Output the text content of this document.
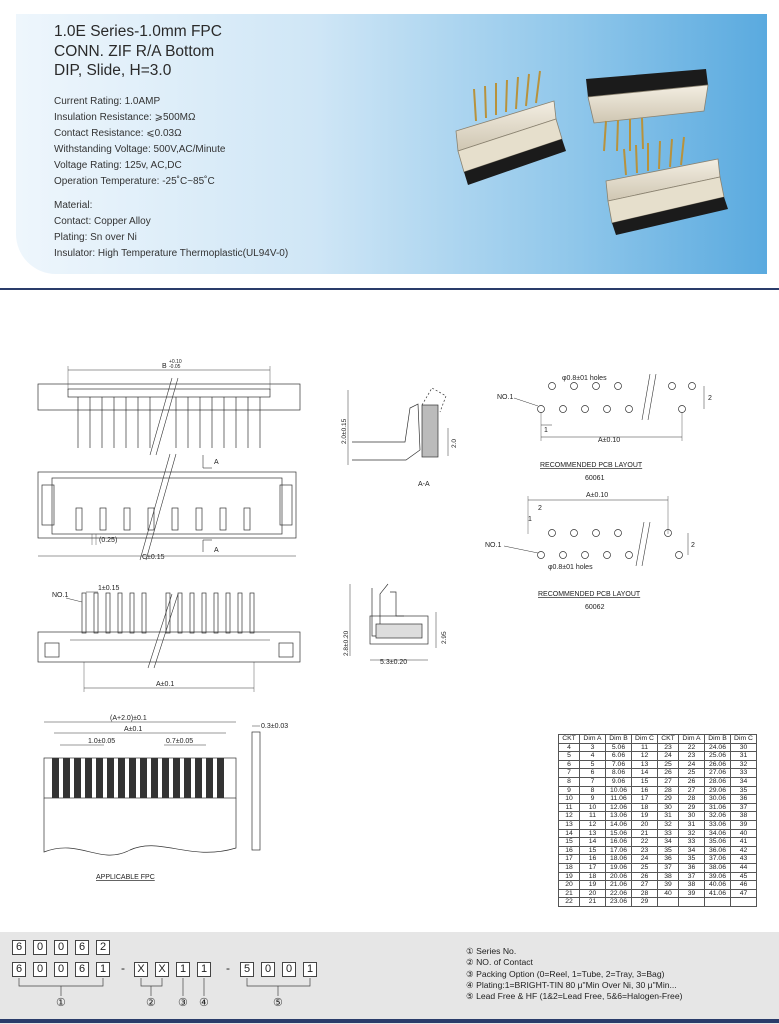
1.0E Series-1.0mm FPC
CONN. ZIF R/A Bottom
DIP, Slide, H=3.0
Current Rating: 1.0AMP
Insulation Resistance: ⩾500MΩ
Contact Resistance: ⩽0.03Ω
Withstanding Voltage: 500V,AC/Minute
Voltage Rating: 125v, AC,DC
Operation Temperature: -25˚C~85˚C
Material:
Contact: Copper Alloy
Plating: Sn over Ni
Insulator: High Temperature Thermoplastic(UL94V-0)
B
+0.10
-0.05
A
A
C±0.15
(0.25)
NO.1
1±0.15
A±0.1
(A+2.0)±0.1
A±0.1
1.0±0.05	0.7±0.05
APPLICABLE FPC
0.3±0.03
2.0±0.15	2.0
A-A
2.8±0.20	2.95
5.3±0.20
φ0.8±01 holes
NO.1	2
1
A±0.10
RECOMMENDED PCB LAYOUT
60061
A±0.10
2
1
NO.1	2
φ0.8±01 holes
RECOMMENDED PCB LAYOUT
60062
CKT	Dim A	Dim B	Dim C	CKT	Dim A	Dim B	Dim C
4	3	5.06	11	23	22	24.06	30
5	4	6.06	12	24	23	25.06	31
6	5	7.06	13	25	24	26.06	32
7	6	8.06	14	26	25	27.06	33
8	7	9.06	15	27	26	28.06	34
9	8	10.06	16	28	27	29.06	35
10	9	11.06	17	29	28	30.06	36
11	10	12.06	18	30	29	31.06	37
12	11	13.06	19	31	30	32.06	38
13	12	14.06	20	32	31	33.06	39
14	13	15.06	21	33	32	34.06	40
15	14	16.06	22	34	33	35.06	41
16	15	17.06	23	35	34	36.06	42
17	16	18.06	24	36	35	37.06	43
18	17	19.06	25	37	36	38.06	44
19	18	20.06	26	38	37	39.06	45
20	19	21.06	27	39	38	40.06	46
21	20	22.06	28	40	39	41.06	47
22	21	23.06	29				
6	0	0	6	2
6	0	0	6	1	-	X	X	1	1	-	5	0	0	1
①	② ③ ④	⑤
① Series No.
② NO. of Contact
③ Packing Option (0=Reel, 1=Tube, 2=Tray, 3=Bag)
④ Plating:1=BRIGHT-TIN 80 μ"Min Over Ni, 30 μ"Min...
⑤ Lead Free & HF (1&2=Lead Free, 5&6=Halogen-Free)
